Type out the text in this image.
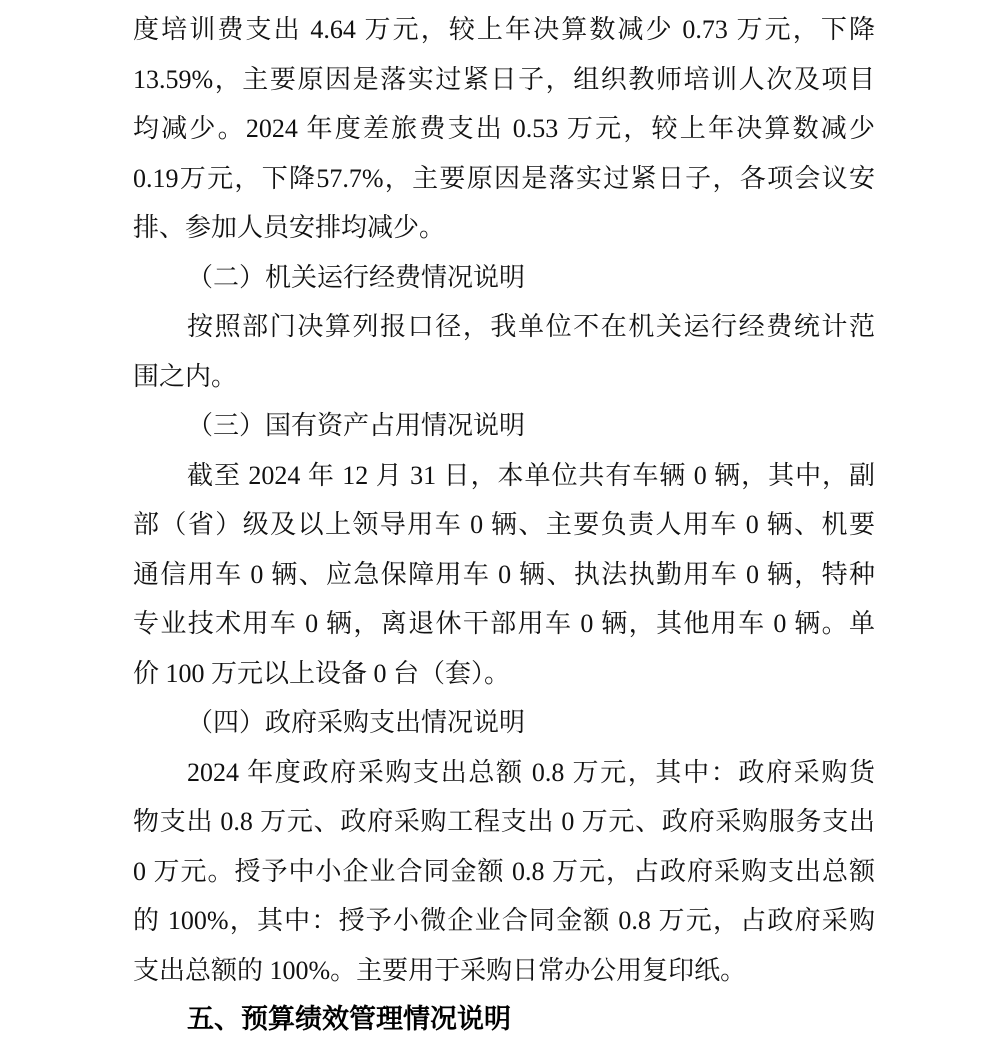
度培训费支出 4.64 万元，较上年决算数减少 0.73 万元，下降
13.59%，主要原因是落实过紧日子，组织教师培训人次及项目
均减少。2024 年度差旅费支出 0.53 万元，较上年决算数减少
0.19万元，下降57.7%，主要原因是落实过紧日子，各项会议安
排、参加人员安排均减少。
（二）机关运行经费情况说明
按照部门决算列报口径，我单位不在机关运行经费统计范
围之内。
（三）国有资产占用情况说明
截至 2024 年 12 月 31 日，本单位共有车辆 0 辆，其中，副
部（省）级及以上领导用车 0 辆、主要负责人用车 0 辆、机要
通信用车 0 辆、应急保障用车 0 辆、执法执勤用车 0 辆，特种
专业技术用车 0 辆，离退休干部用车 0 辆，其他用车 0 辆。单
价 100 万元以上设备 0 台（套）。
（四）政府采购支出情况说明
2024 年度政府采购支出总额 0.8 万元，其中：政府采购货
物支出 0.8 万元、政府采购工程支出 0 万元、政府采购服务支出
0 万元。授予中小企业合同金额 0.8 万元，占政府采购支出总额
的 100%，其中：授予小微企业合同金额 0.8 万元，占政府采购
支出总额的 100%。主要用于采购日常办公用复印纸。
五、预算绩效管理情况说明
